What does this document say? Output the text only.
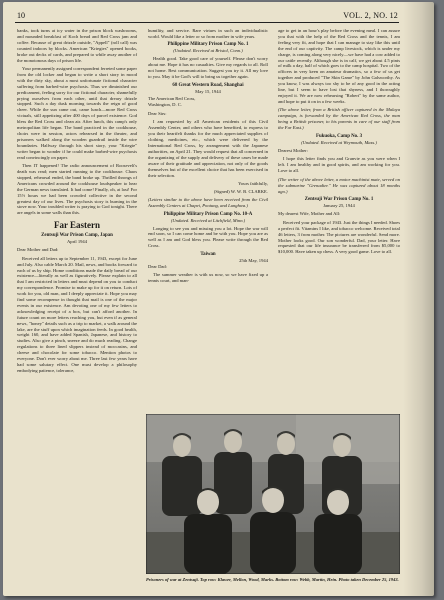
10	VOL. 2, NO. 12

banks, took turns at icy water in the prison block washrooms, and mounded breakfast of Koch bread and Red Cross jam and coffee. Because of great drizzle outside, "Appell" (roll call) was counted indoors by blocks. American "Kriegies" opened books, broke out decks of cards, and prepared to while away another of the monotonous days of prison life.

Your permanently assigned correspondent ferreted some paper from the old locker and began to write a short story in mood with the dirty sky, about a most unfortunate fictional character suffering from barbed-wire psychosis. Thus we diminished our predicament, feeling sorry for our fictional character, shamefully prying ourselves from each other, until that dreary drizzle stopped. Such a day dusk morning towards the reign of good cheer. While the sun came out, came lunch—more Red Cross victuals, still appetizing after 400 days of parcel existence. God bless the Red Cross and clean air. After lunch, this camp's only metropolitan life began. The band practiced in the cookhouse, choirs were in session, actors rehearsed in the theater, and prisoners walked along the wooden guardrail inside the wire boundaries. Halfway through his short story, your "Kriegie" writer began to wonder if he could make barbed-wire psychosis read convincingly on paper.

Then IT happened! The radio announcement of Roosevelt's death was read; men started running to the cookhouse. Chaos stopped, rehearsal ended, the band broke up. Thrilled throngs of Americans crowded around the cookhouse loudspeaker to hear the German news translated. It had come! Finally, oh, at last! For 15½ hours we had been crowded collective in the second greatest day of our lives. The psychosis story is burning in the stove now. Your troubled writer is praying to God tonight. There are angels in some walls than this.

Far Eastern
Zentsuji War Prison Camp, Japan
April 1944

Dear Mother and Dad:

Received all letters up to September 11, 1943, except for June and July. Also cable March 20. Mail, news, and books forward to each of us by ship. Home conditions made the daily bread of our existence—literally as well as figuratively. Please explain to all that I am restricted in letters and must depend on you to conduct my correspondence. Promise to make up for it on return. Lots of work for you, old man, and I deeply appreciate it. Hope you may find some recompense in thought that mail is one of the major events in our existence. Am devoting one of my few letters to acknowledging receipt of a box, but can't afford another. In future count on more letters reaching you, but even if as general news, "honey" details such as a trip to market, a walk around the lake, are the stuff upon which imagination feeds. In good health, weight 160, and have added Spanish, Japanese, and history to studies. Also give a pinch, sneeze and do much reading. Change regulations to three lined slippers instead of moccasins, and cheese and chocolate for some tobacco. Mention photos to everyone. Don't ever worry about me. Three last few years have had some salutary effect. One must develop a philosophy embodying patience, tolerance,

humility, and service. Rare virtues in such an individualistic world. Would like a letter or so from mother in wife years.

Philippine Military Prison Camp No. 1
(Undated. Received at Bristol, Conn.)

Health good. Take good care of yourself. Please don't worry about me. Hope it has no casualties. Give my regards to all. Roll not home. Best communication. Suggest you try it. All my love to you. May it be God's will to bring us together again.

68 Great Western Road, Shanghai
May 15, 1944

The American Red Cross,

Washington, D. C.

Dear Sirs:

I am requested by all American residents of this Civil Assembly Center, and others who have benefited, to express to you their heartfelt thanks for the much appreciated supplies of clothing, medicines, etc., which were delivered by the International Red Cross, by arrangement with the Japanese authorities, on April 21. They would request that all concerned in the organizing of the supply and delivery of these cases be made aware of their gratitude and appreciation, not only of the goods themselves but of the excellent choice that has been exercised in their selection.

Yours faithfully,
(Signed) W. W. B. CLARKE.
(Letters similar to the above have been received from the Civil Assembly Centers at Chapei, Pootung, and Lunghwa.)
Philippine Military Prison Camp No. 10-A
(Undated. Received at Litchfield, Minn.)

Longing to see you and missing you a lot. Hope the war will end soon, so I can come home and be with you. Hope you are as well as I am and God bless you. Please write through the Red Cross.

Taiwan
25th May, 1944

Dear Dad:

The summer weather is with us now, so we have fixed up a tennis court, and man-

age to get in an hour's play before the evening meal. I can assure you that with the help of the Red Cross and the tennis, I am feeling very fit, and hope that I can manage to stay like this until the end of our captivity. The camp livestock, which is under my charge, is coming along very nicely—we have had a cow added to our cattle recently. Although she is in calf, we get about 4.5 pints of milk a day, half of which goes to the camp hospital. Two of the officers in very keen on amateur dramatics, so a few of us get together and produced "The Skin Game" by John Galsworthy. As you know, I was always too shy to be of any good in the acting line, but I seem to have lost that shyness, and I thoroughly enjoyed it. We are now rehearsing "Robert" by the same author, and hope to put it on in a few weeks.

(The above letter, from a British officer captured in the Malaya campaign, is forwarded by the American Red Cross, the man being a British prisoner, to his parents in care of our staff from the Far East.)
Fukuoka, Camp No. 3
(Undated. Received at Weymouth, Mass.)

Dearest Mother:

I hope this letter finds you and Granvie as you were when I left. I am healthy and in good spirits, and am working for you. Love to all.

(The writer of the above letter, a motor machinist mate, served on the submarine "Grenadier." He was captured about 18 months ago.)
Zentsuji War Prison Camp No. 1
January 25, 1944

My dearest Wife, Mother and All:

Received your package of 1943. Just the things I needed. Shoes a perfect fit. Vitamins I like, and tobacco welcome. Received total 46 letters, 3 from mother. The pictures are wonderful. Send more. Mother looks good. Our son wonderful. Dad, your letter. Have requested that our life insurance be transferred from $5,000 to $10,000. Have taken up chess. A very good game. Love to all.

Prisoners of war at Zentsuji. Top row: Klawer, Mellon, Wood, Marks. Bottom row: Webb, Martin, Hein. Photo taken December 25, 1943.
